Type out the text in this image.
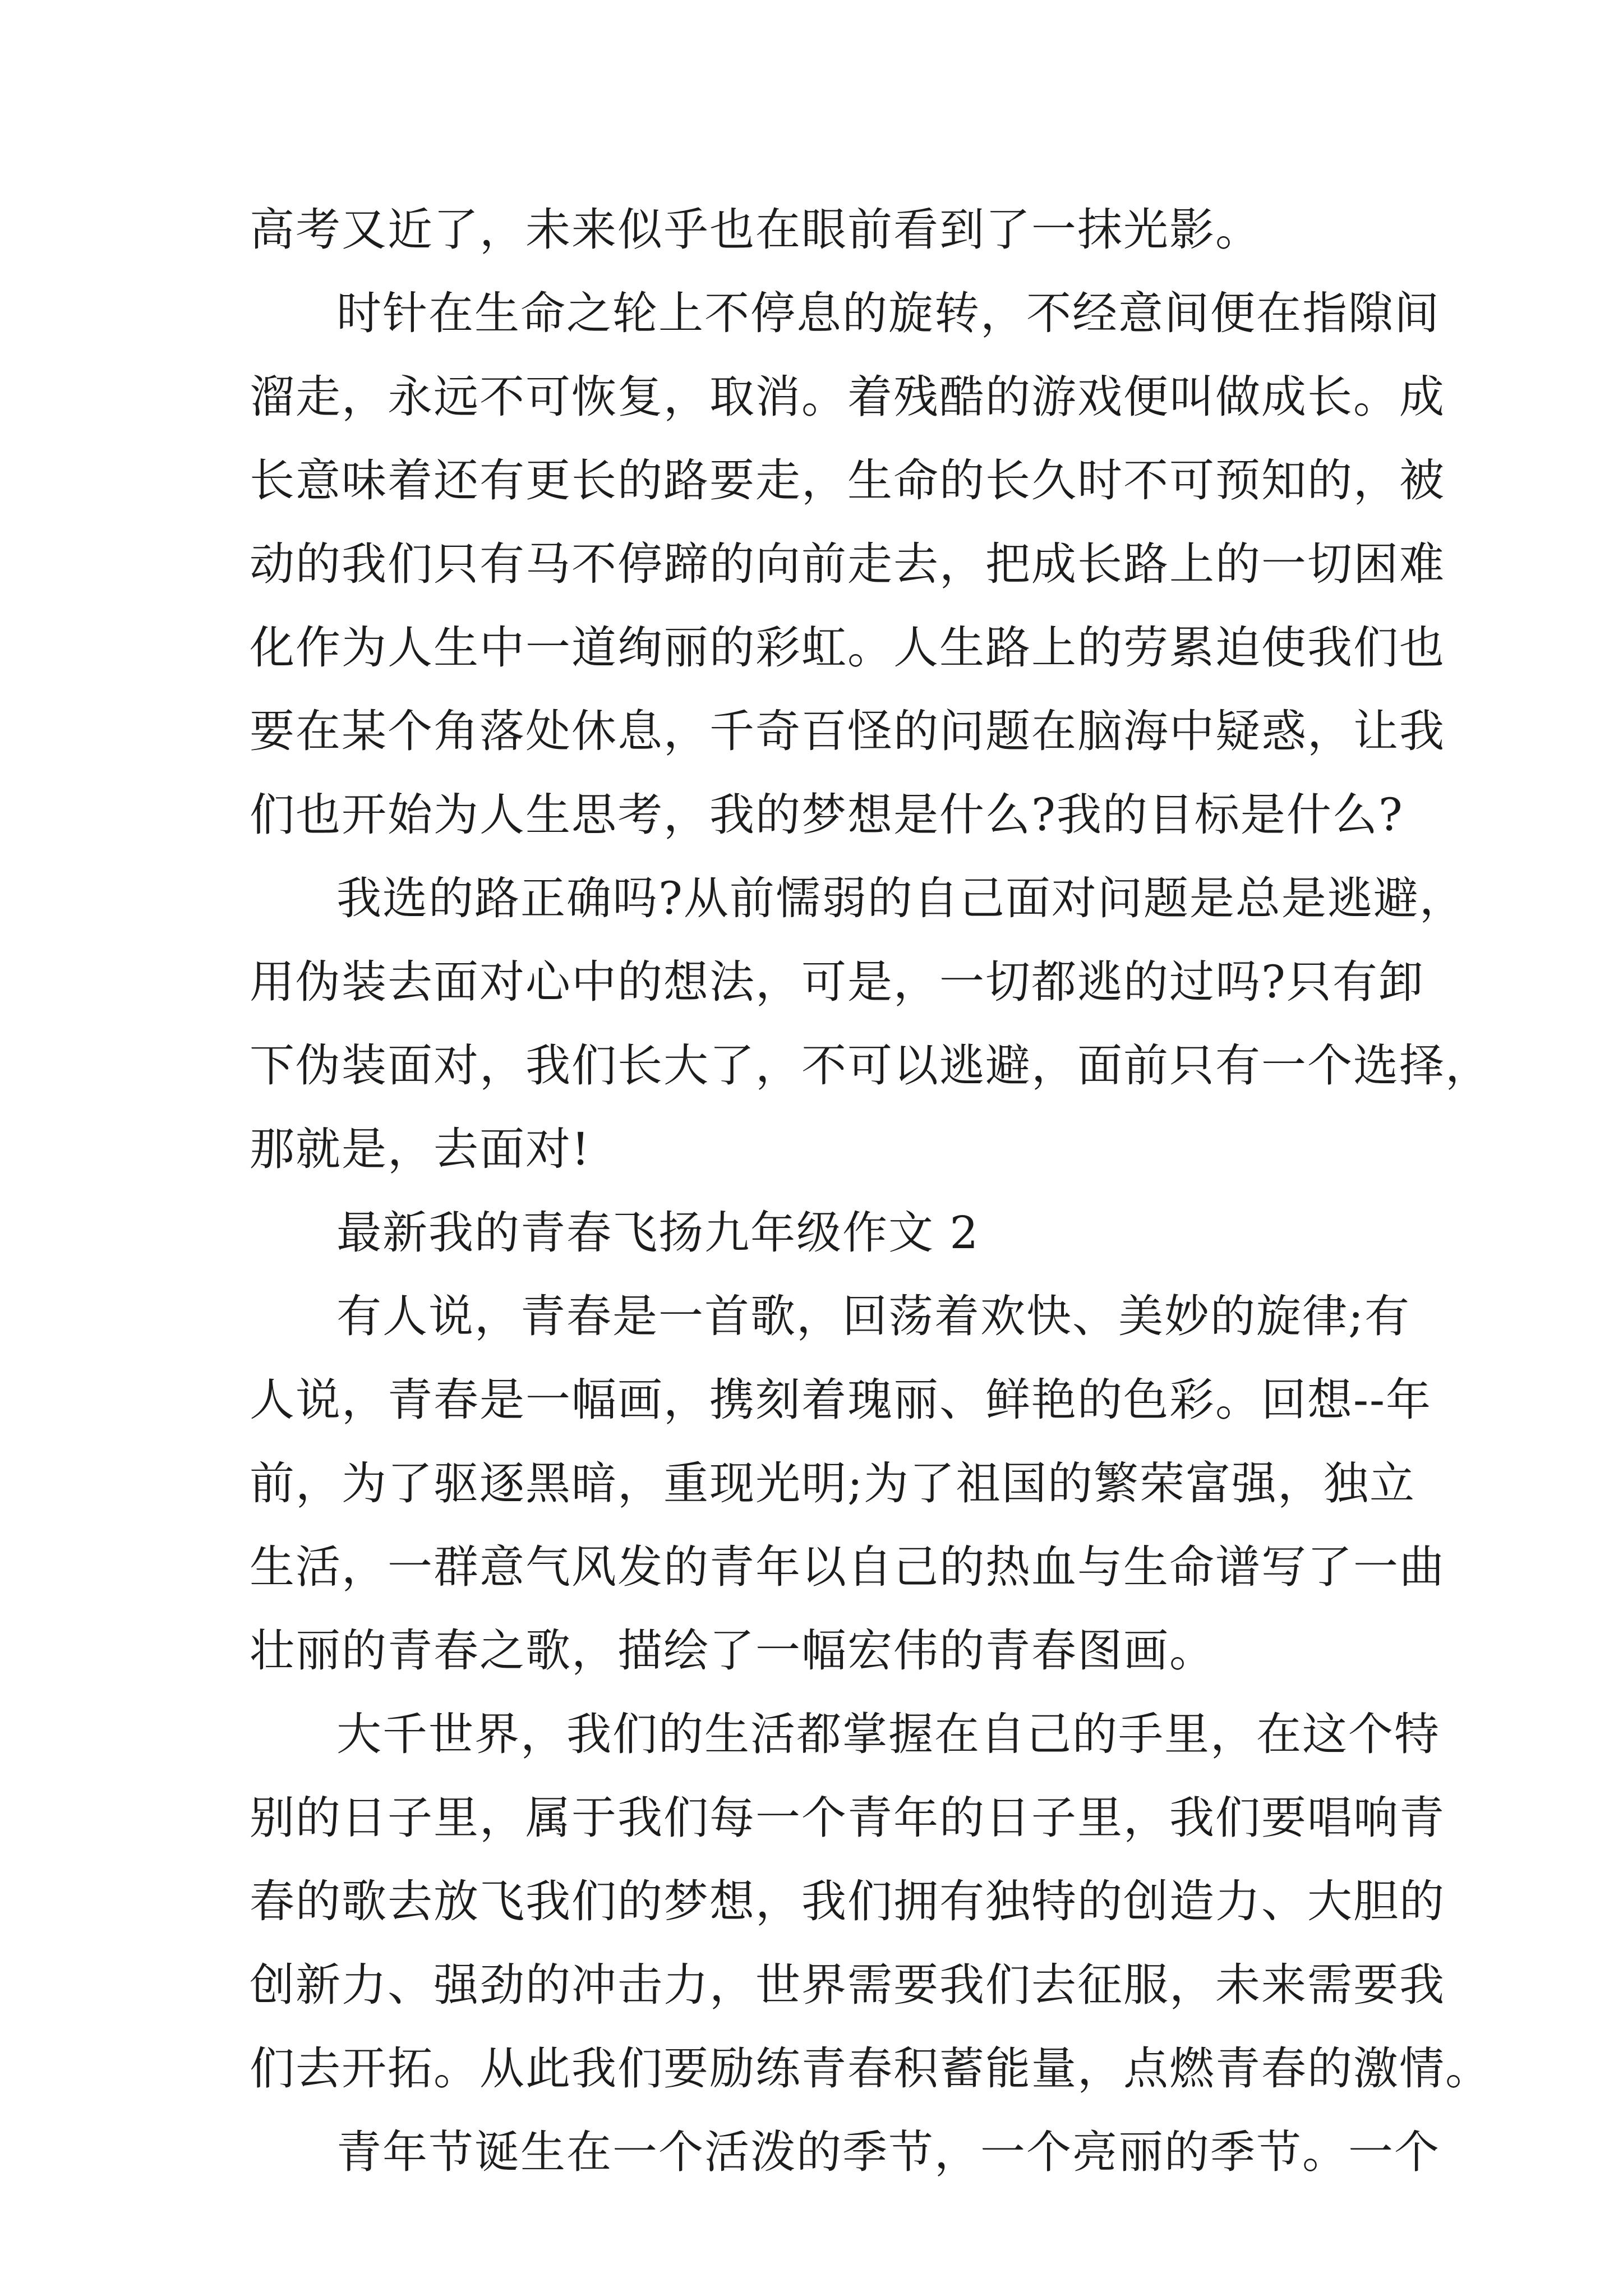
高考又近了，未来似乎也在眼前看到了一抹光影。
时针在生命之轮上不停息的旋转，不经意间便在指隙间
溜走，永远不可恢复，取消。着残酷的游戏便叫做成长。成
长意味着还有更长的路要走，生命的长久时不可预知的，被
动的我们只有马不停蹄的向前走去，把成长路上的一切困难
化作为人生中一道绚丽的彩虹。人生路上的劳累迫使我们也
要在某个角落处休息，千奇百怪的问题在脑海中疑惑，让我
们也开始为人生思考，我的梦想是什么?我的目标是什么?
我选的路正确吗?从前懦弱的自己面对问题是总是逃避，
用伪装去面对心中的想法，可是，一切都逃的过吗?只有卸
下伪装面对，我们长大了，不可以逃避，面前只有一个选择，
那就是，去面对!
最新我的青春飞扬九年级作文 2
有人说，青春是一首歌，回荡着欢快、美妙的旋律;有
人说，青春是一幅画，携刻着瑰丽、鲜艳的色彩。回想--年
前，为了驱逐黑暗，重现光明;为了祖国的繁荣富强，独立
生活，一群意气风发的青年以自己的热血与生命谱写了一曲
壮丽的青春之歌，描绘了一幅宏伟的青春图画。
大千世界，我们的生活都掌握在自己的手里，在这个特
别的日子里，属于我们每一个青年的日子里，我们要唱响青
春的歌去放飞我们的梦想，我们拥有独特的创造力、大胆的
创新力、强劲的冲击力，世界需要我们去征服，未来需要我
们去开拓。从此我们要励练青春积蓄能量，点燃青春的激情。
青年节诞生在一个活泼的季节，一个亮丽的季节。一个
